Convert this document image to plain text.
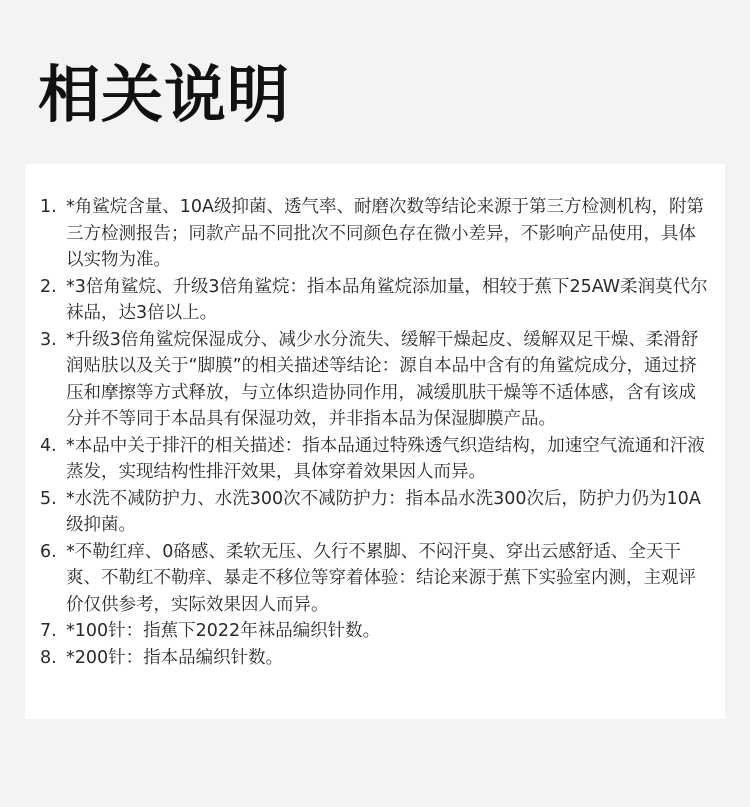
相关说明
1. *角鲨烷含量、10A级抑菌、透气率、耐磨次数等结论来源于第三方检测机构，附第三方检测报告；同款产品不同批次不同颜色存在微小差异，不影响产品使用，具体以实物为准。
2. *3倍角鲨烷、升级3倍角鲨烷：指本品角鲨烷添加量，相较于蕉下25AW柔润莫代尔袜品，达3倍以上。
3. *升级3倍角鲨烷保湿成分、减少水分流失、缓解干燥起皮、缓解双足干燥、柔滑舒润贴肤以及关于“脚膜”的相关描述等结论：源自本品中含有的角鲨烷成分，通过挤压和摩擦等方式释放，与立体织造协同作用，减缓肌肤干燥等不适体感，含有该成分并不等同于本品具有保湿功效，并非指本品为保湿脚膜产品。
4. *本品中关于排汗的相关描述：指本品通过特殊透气织造结构，加速空气流通和汗液蒸发，实现结构性排汗效果，具体穿着效果因人而异。
5. *水洗不减防护力、水洗300次不减防护力：指本品水洗300次后，防护力仍为10A级抑菌。
6. *不勒红痒、0硌感、柔软无压、久行不累脚、不闷汗臭、穿出云感舒适、全天干爽、不勒红不勒痒、暴走不移位等穿着体验：结论来源于蕉下实验室内测，主观评价仅供参考，实际效果因人而异。
7. *100针：指蕉下2022年袜品编织针数。
8. *200针：指本品编织针数。
